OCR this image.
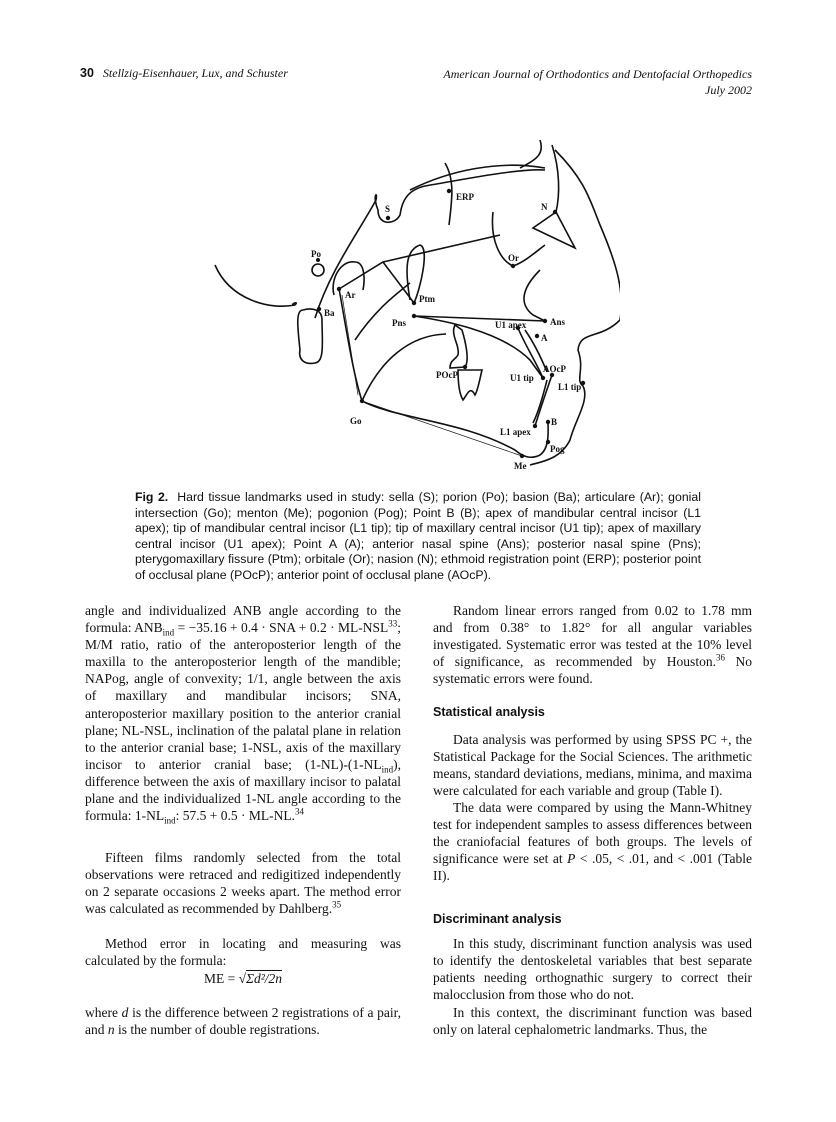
30 Stellzig-Eisenhauer, Lux, and Schuster	American Journal of Orthodontics and Dentofacial Orthopedics
July 2002
S
ERP
N
Po	Or
Ar
Ba
Ptm
Pns	U1 apex	Ans
A
POcP
AOcP
U1 tip
L1 tip
B
Go
L1 apex
Pog
Me
Fig 2. Hard tissue landmarks used in study: sella (S); porion (Po); basion (Ba); articulare (Ar); gonial intersection (Go); menton (Me); pogonion (Pog); Point B (B); apex of mandibular central incisor (L1 apex); tip of mandibular central incisor (L1 tip); tip of maxillary central incisor (U1 tip); apex of maxillary central incisor (U1 apex); Point A (A); anterior nasal spine (Ans); posterior nasal spine (Pns); pterygomaxillary fissure (Ptm); orbitale (Or); nasion (N); ethmoid registration point (ERP); posterior point of occlusal plane (POcP); anterior point of occlusal plane (AOcP).
angle and individualized ANB angle according to the formula: $ANB_{ind} = -35.16 + 0.4$ · SNA + $0.2 \cdot ML-NSL^{33}$; M/M ratio, ratio of the anteroposterior length of the maxilla to the anteroposterior length of the mandible; NAPog, angle of convexity; 1/1, angle between the axis of maxillary and mandibular incisors; SNA, anteroposterior maxillary position to the anterior cranial plane; NL-NSL, inclination of the palatal plane in relation to the anterior cranial base; 1-NSL, axis of the maxillary incisor to anterior cranial base; $(1-NL)-(1-NL_{ind})$, difference between the axis of maxillary incisor to palatal plane and the individualized 1-NL angle according to the formula: $1-NL_{ind}$: 57.5 + 0.5 · ML-NL.$^{34}$
Fifteen films randomly selected from the total observations were retraced and redigitized independently on 2 separate occasions 2 weeks apart. The method error was calculated as recommended by Dahlberg.$^{35}$
Method error in locating and measuring was calculated by the formula:
ME = √Σd²/2n
where d is the difference between 2 registrations of a pair, and n is the number of double registrations.
Random linear errors ranged from 0.02 to 1.78 mm and from 0.38° to 1.82° for all angular variables investigated. Systematic error was tested at the 10% level of significance, as recommended by Houston.$^{36}$ No systematic errors were found.
Statistical analysis
Data analysis was performed by using SPSS PC +, the Statistical Package for the Social Sciences. The arithmetic means, standard deviations, medians, minima, and maxima were calculated for each variable and group (Table I).
The data were compared by using the Mann-Whitney test for independent samples to assess differences between the craniofacial features of both groups. The levels of significance were set at P < .05, < .01, and < .001 (Table II).
Discriminant analysis
In this study, discriminant function analysis was used to identify the dentoskeletal variables that best separate patients needing orthognathic surgery to correct their malocclusion from those who do not.
In this context, the discriminant function was based only on lateral cephalometric landmarks. Thus, the
